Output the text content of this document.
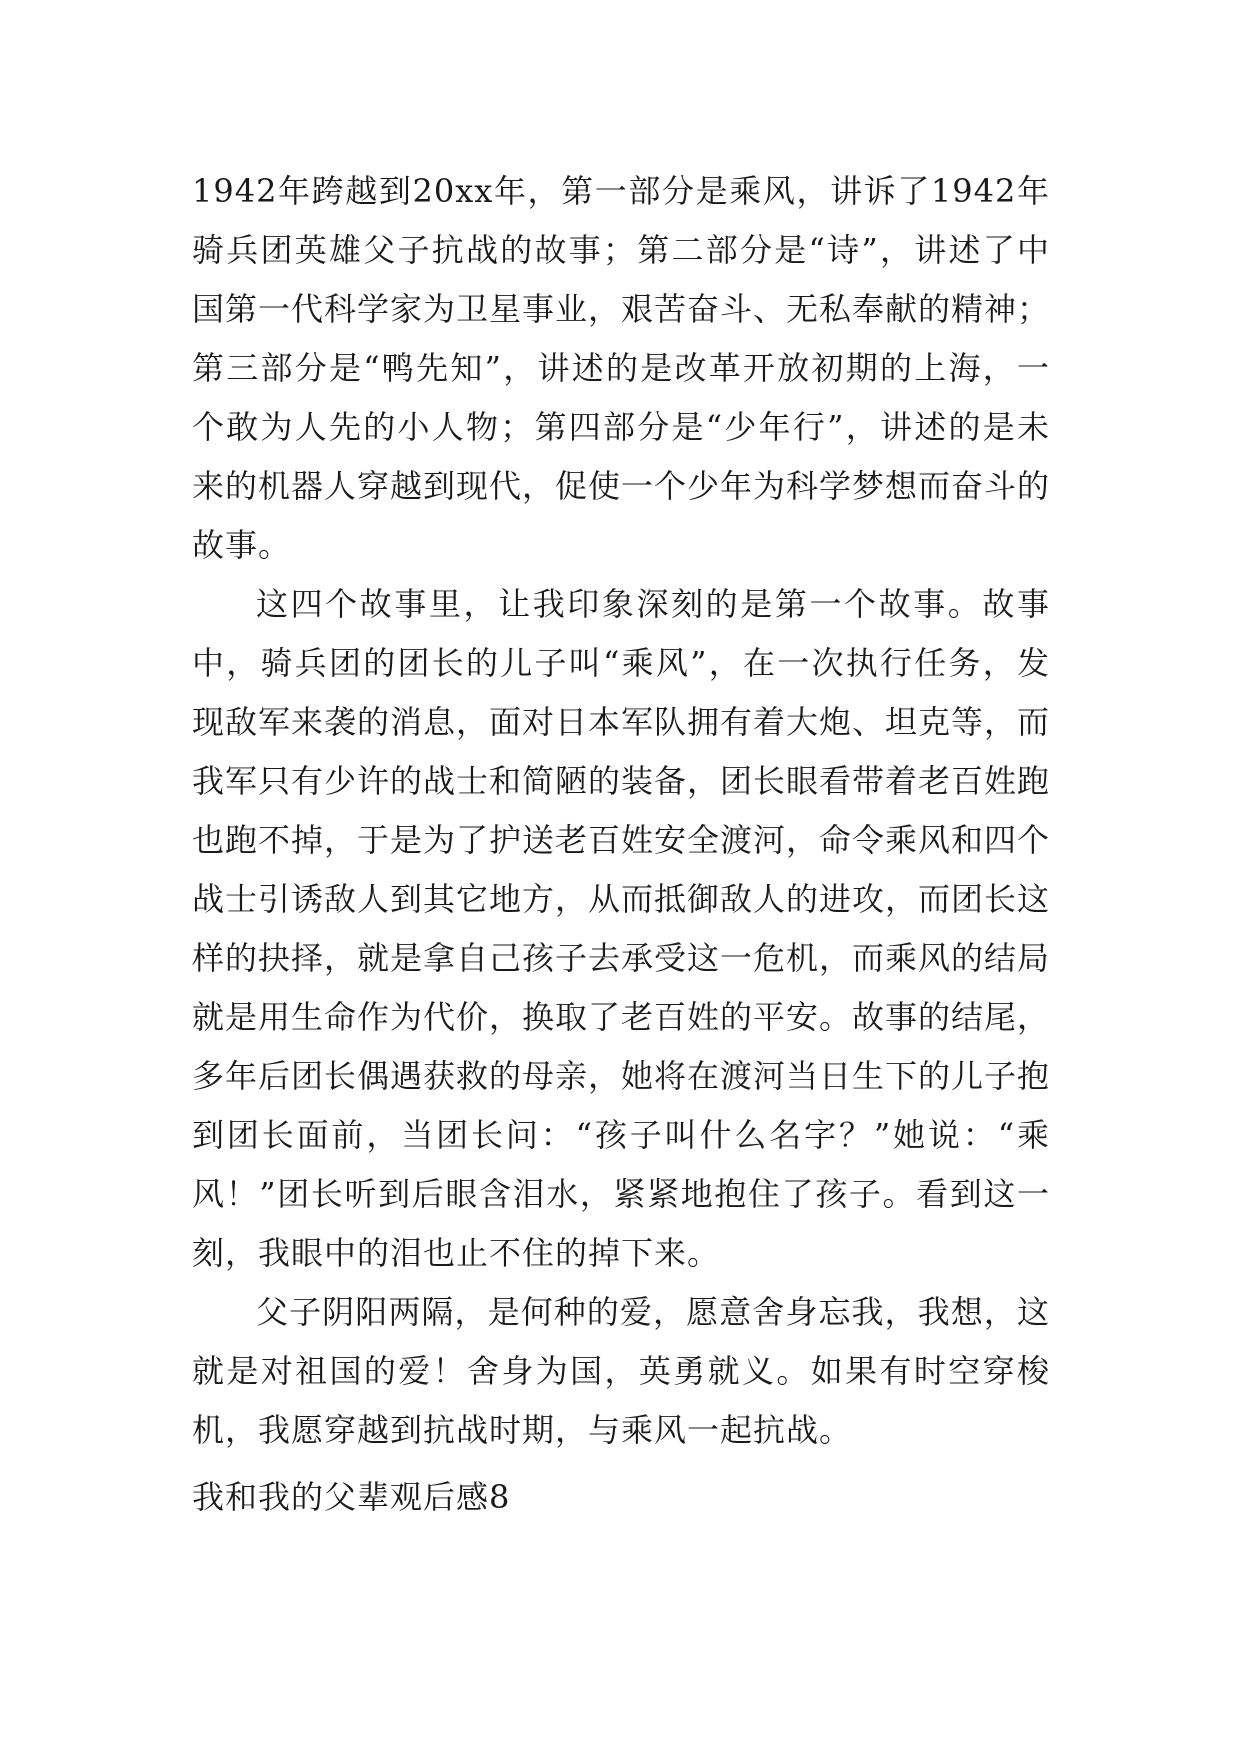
1942年跨越到20xx年，第一部分是乘风，讲诉了1942年骑兵团英雄父子抗战的故事；第二部分是“诗”，讲述了中国第一代科学家为卫星事业，艰苦奋斗、无私奉献的精神；第三部分是“鸭先知”，讲述的是改革开放初期的上海，一个敢为人先的小人物；第四部分是“少年行”，讲述的是未来的机器人穿越到现代，促使一个少年为科学梦想而奋斗的故事。

这四个故事里，让我印象深刻的是第一个故事。故事中，骑兵团的团长的儿子叫“乘风”，在一次执行任务，发现敌军来袭的消息，面对日本军队拥有着大炮、坦克等，而我军只有少许的战士和简陋的装备，团长眼看带着老百姓跑也跑不掉，于是为了护送老百姓安全渡河，命令乘风和四个战士引诱敌人到其它地方，从而抵御敌人的进攻，而团长这样的抉择，就是拿自己孩子去承受这一危机，而乘风的结局就是用生命作为代价，换取了老百姓的平安。故事的结尾，多年后团长偶遇获救的母亲，她将在渡河当日生下的儿子抱到团长面前，当团长问：“孩子叫什么名字？”她说：“乘风！”团长听到后眼含泪水，紧紧地抱住了孩子。看到这一刻，我眼中的泪也止不住的掉下来。

父子阴阳两隔，是何种的爱，愿意舍身忘我，我想，这就是对祖国的爱！舍身为国，英勇就义。如果有时空穿梭机，我愿穿越到抗战时期，与乘风一起抗战。

我和我的父辈观后感8
